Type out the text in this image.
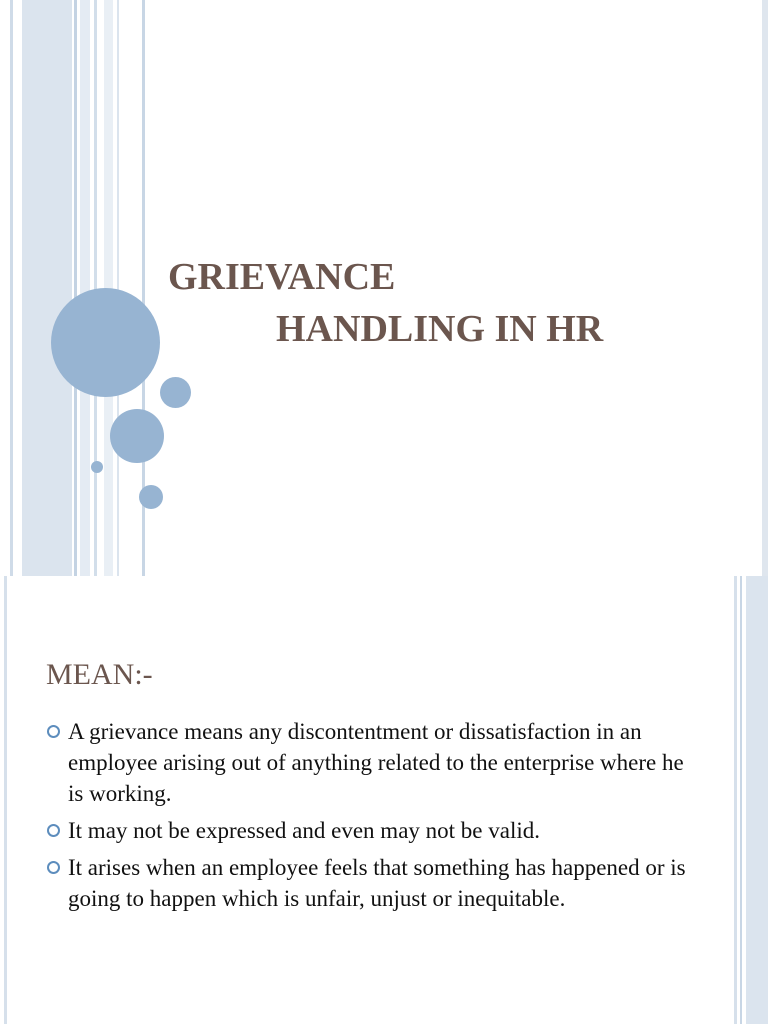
GRIEVANCE
HANDLING IN HR
MEAN:-
A grievance means any discontentment or dissatisfaction in an employee arising out of anything related to the enterprise where he is working.
It may not be expressed and even may not be valid.
It arises when an employee feels that something has happened or is going to happen which is unfair, unjust or inequitable.
